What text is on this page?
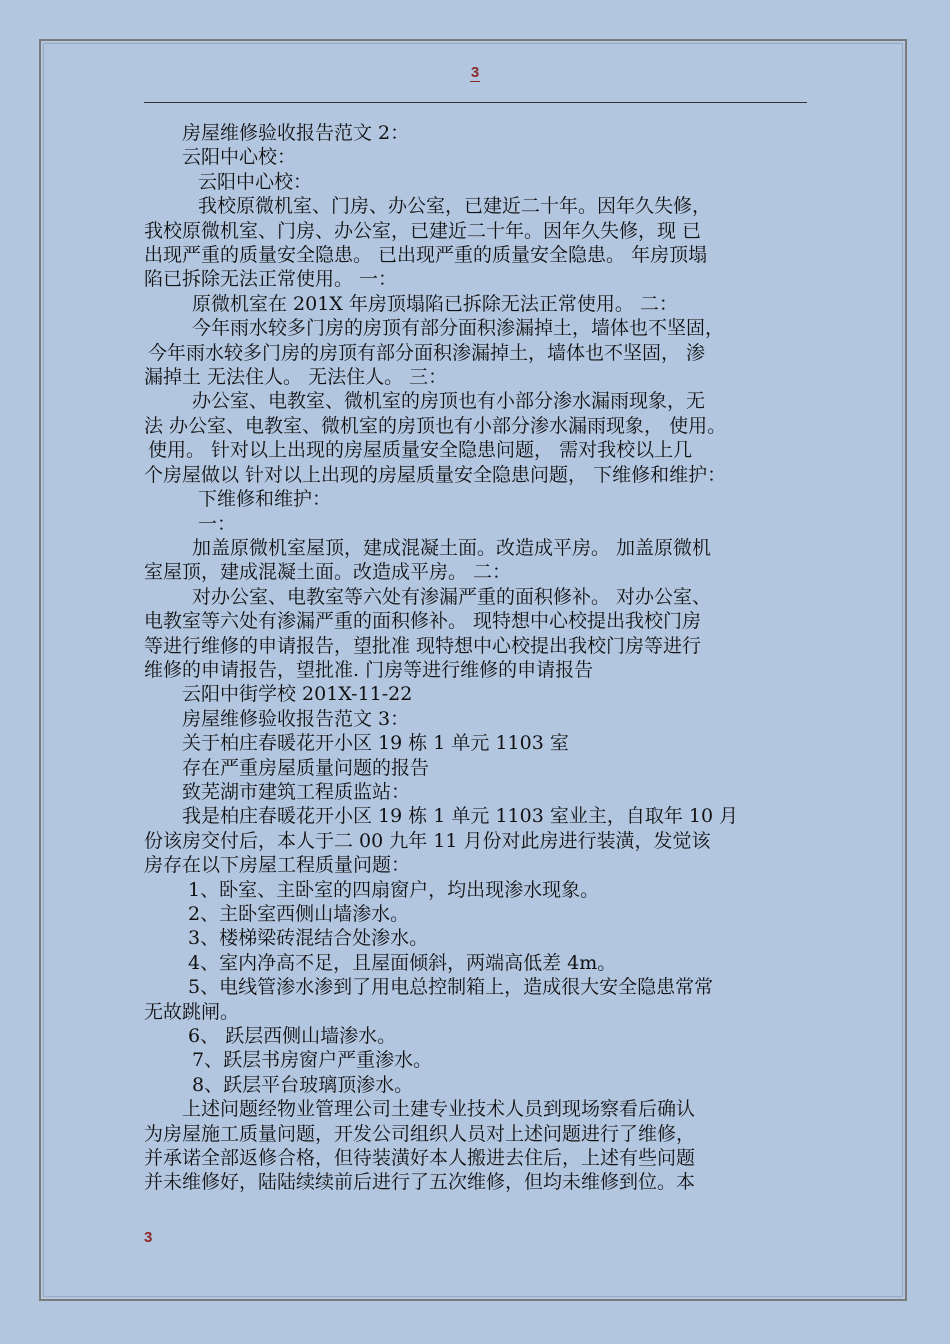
3

房屋维修验收报告范文 2：

云阳中心校：

云阳中心校：

我校原微机室、门房、办公室，已建近二十年。因年久失修，

我校原微机室、门房、办公室，已建近二十年。因年久失修，现 已

出现严重的质量安全隐患。 已出现严重的质量安全隐患。 年房顶塌

陷已拆除无法正常使用。 一：

原微机室在 201X 年房顶塌陷已拆除无法正常使用。 二：

今年雨水较多门房的房顶有部分面积渗漏掉土，墙体也不坚固，

今年雨水较多门房的房顶有部分面积渗漏掉土，墙体也不坚固， 渗

漏掉土 无法住人。 无法住人。 三：

办公室、电教室、微机室的房顶也有小部分渗水漏雨现象，无

法 办公室、电教室、微机室的房顶也有小部分渗水漏雨现象， 使用。

使用。 针对以上出现的房屋质量安全隐患问题， 需对我校以上几

个房屋做以 针对以上出现的房屋质量安全隐患问题， 下维修和维护：

下维修和维护：

一：

加盖原微机室屋顶，建成混凝土面。改造成平房。 加盖原微机

室屋顶，建成混凝土面。改造成平房。 二：

对办公室、电教室等六处有渗漏严重的面积修补。 对办公室、

电教室等六处有渗漏严重的面积修补。 现特想中心校提出我校门房

等进行维修的申请报告，望批准 现特想中心校提出我校门房等进行

维修的申请报告，望批准. 门房等进行维修的申请报告

云阳中街学校 201X-11-22

房屋维修验收报告范文 3：

关于柏庄春暖花开小区 19 栋 1 单元 1103 室

存在严重房屋质量问题的报告

致芜湖市建筑工程质监站：

我是柏庄春暖花开小区 19 栋 1 单元 1103 室业主，自取年 10 月

份该房交付后，本人于二 00 九年 11 月份对此房进行装潢，发觉该

房存在以下房屋工程质量问题：

1、卧室、主卧室的四扇窗户，均出现渗水现象。

2、主卧室西侧山墙渗水。

3、楼梯梁砖混结合处渗水。

4、室内净高不足，且屋面倾斜，两端高低差 4m。

5、电线管渗水渗到了用电总控制箱上，造成很大安全隐患常常

无故跳闸。

6、 跃层西侧山墙渗水。

7、跃层书房窗户严重渗水。

8、跃层平台玻璃顶渗水。

上述问题经物业管理公司土建专业技术人员到现场察看后确认

为房屋施工质量问题，开发公司组织人员对上述问题进行了维修，

并承诺全部返修合格，但待装潢好本人搬进去住后，上述有些问题

并未维修好，陆陆续续前后进行了五次维修，但均未维修到位。本

3
